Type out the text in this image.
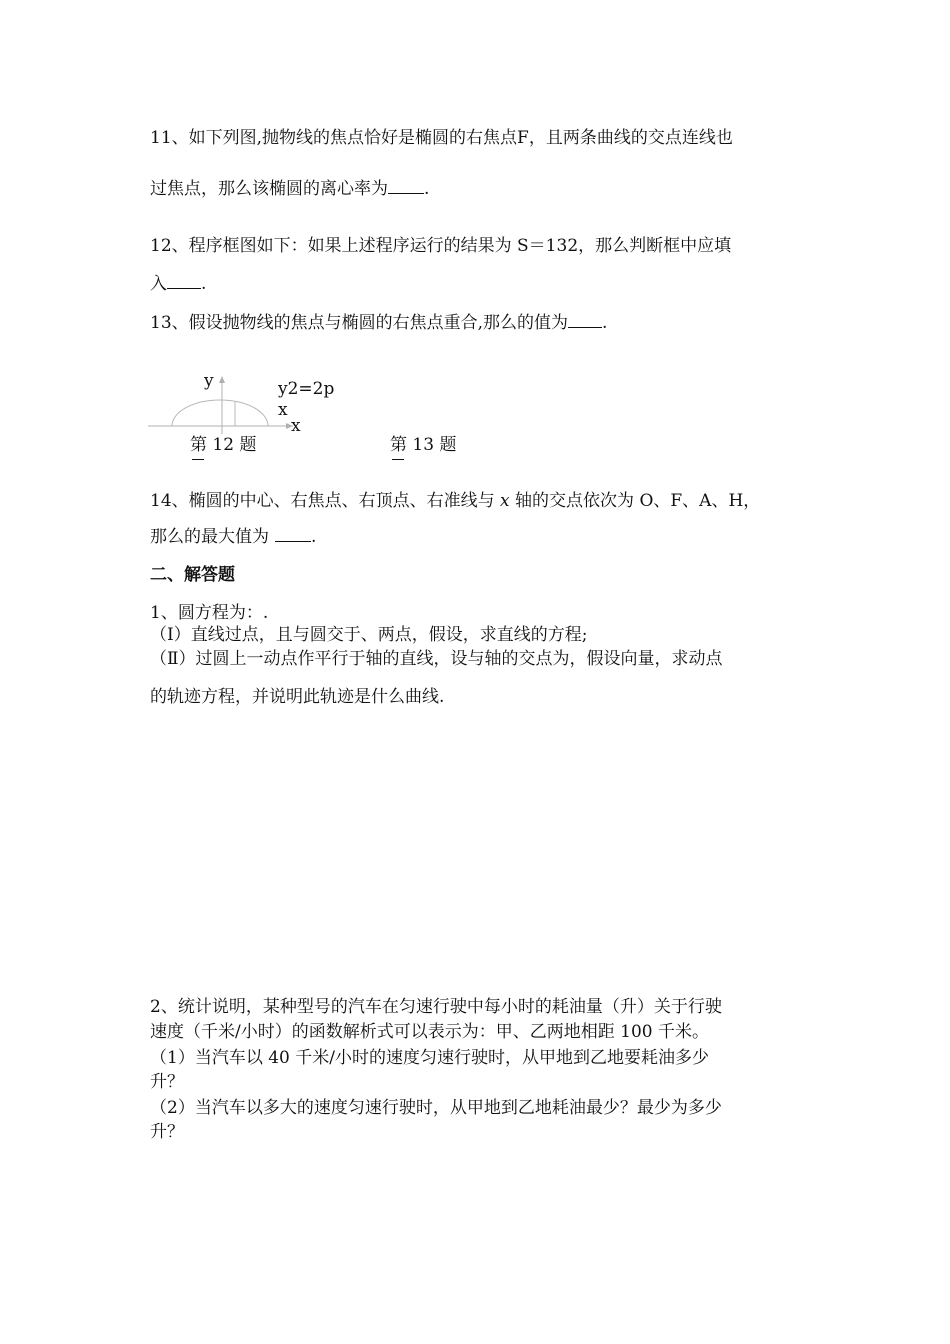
11、如下列图,抛物线的焦点恰好是椭圆的右焦点F，且两条曲线的交点连线也
过焦点，那么该椭圆的离心率为 .
12、程序框图如下：如果上述程序运行的结果为 S＝132，那么判断框中应填
入 .
13、假设抛物线的焦点与椭圆的右焦点重合,那么的值为 .
y	y2=2p
x
x
第 12 题	第 13 题
14、椭圆的中心、右焦点、右顶点、右准线与 x 轴的交点依次为 O、F、A、H，
那么的最大值为 .
二、解答题
1、圆方程为：.
（Ⅰ）直线过点，且与圆交于、两点，假设，求直线的方程;
（Ⅱ）过圆上一动点作平行于轴的直线，设与轴的交点为，假设向量，求动点
的轨迹方程，并说明此轨迹是什么曲线.
2、统计说明，某种型号的汽车在匀速行驶中每小时的耗油量（升）关于行驶
速度（千米/小时）的函数解析式可以表示为：甲、乙两地相距 100 千米。
（1）当汽车以 40 千米/小时的速度匀速行驶时，从甲地到乙地要耗油多少
升？
（2）当汽车以多大的速度匀速行驶时，从甲地到乙地耗油最少？最少为多少
升？
